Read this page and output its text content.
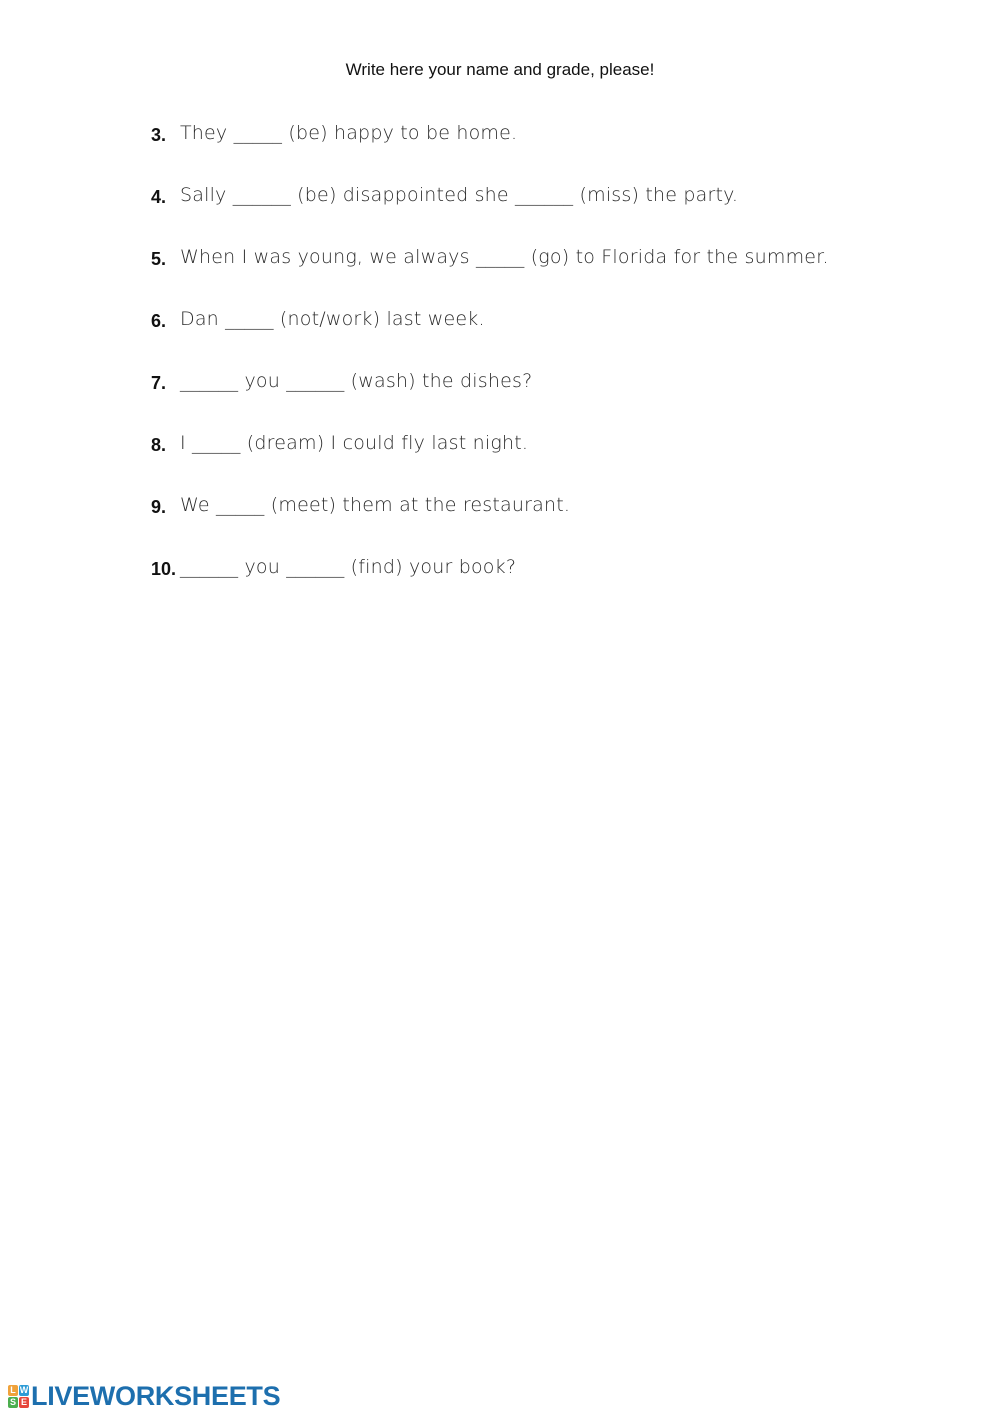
Write here your name and grade, please!
3. They _____ (be) happy to be home.
4. Sally ______ (be) disappointed she ______ (miss) the party.
5. When I was young, we always _____ (go) to Florida for the summer.
6. Dan _____ (not/work) last week.
7. ______ you ______ (wash) the dishes?
8. I _____ (dream) I could fly last night.
9. We _____ (meet) them at the restaurant.
10. ______ you ______ (find) your book?
L W
S E LIVEWORKSHEETS
